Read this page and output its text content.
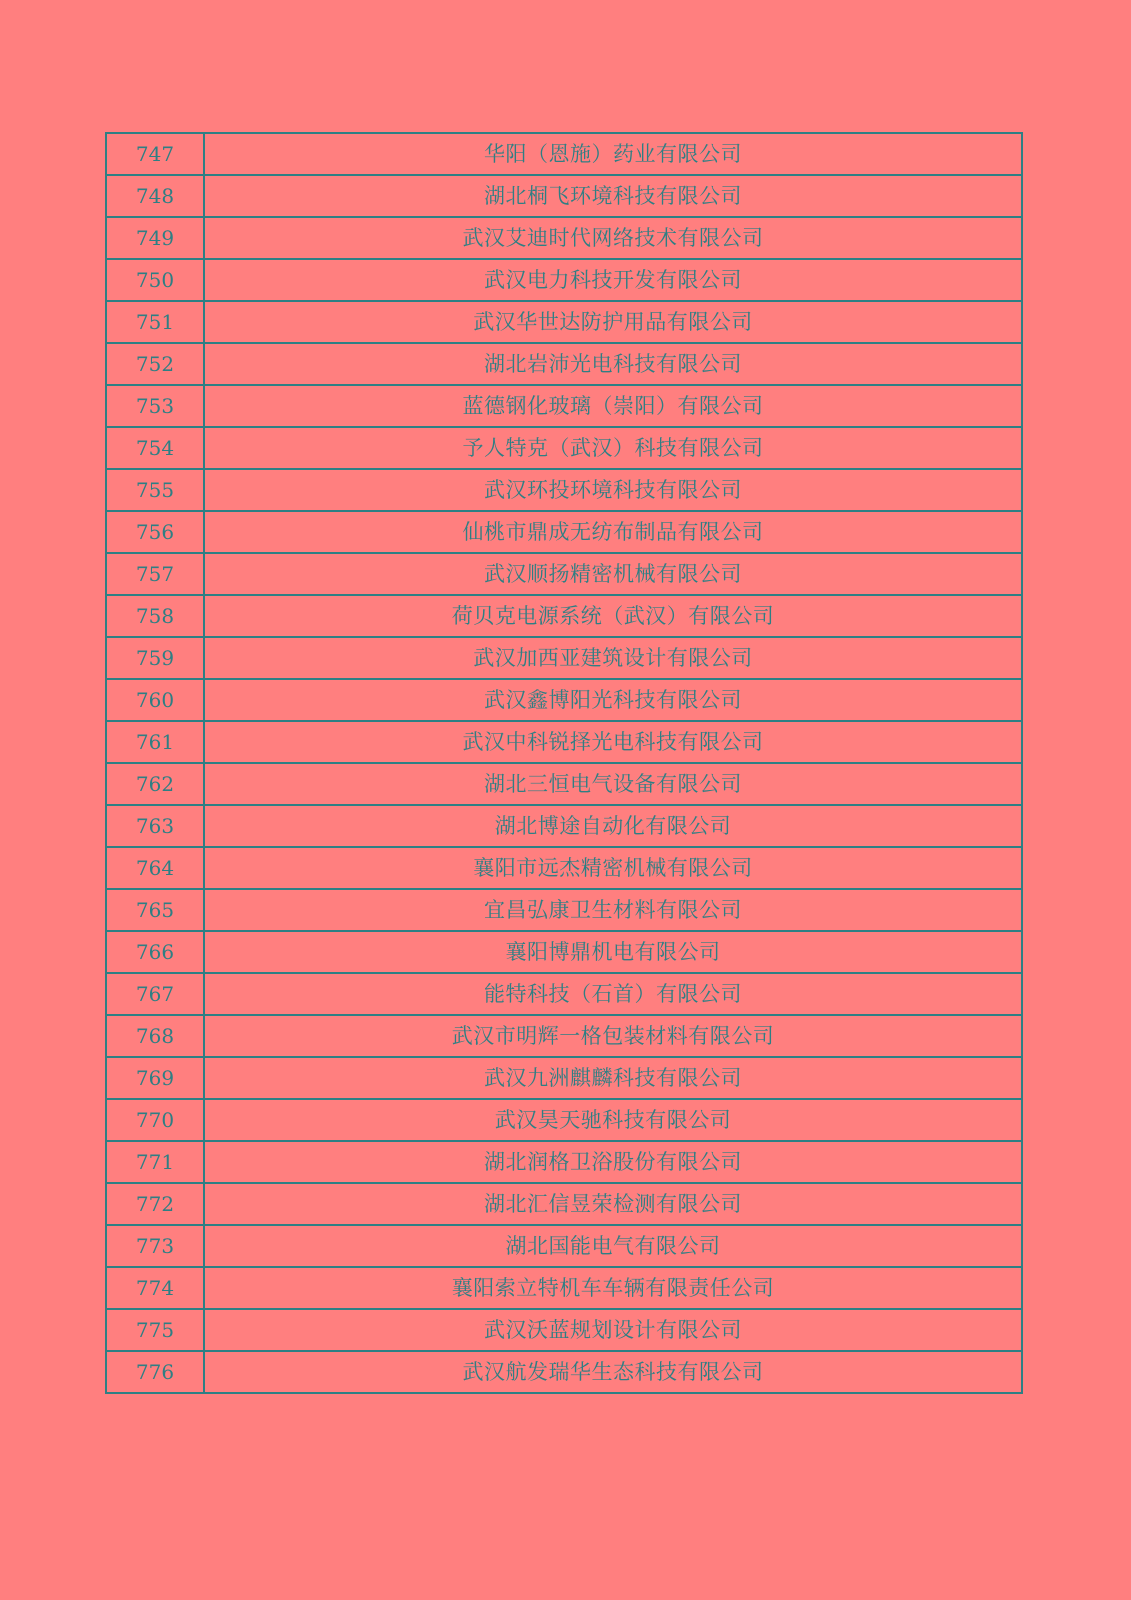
747	华阳（恩施）药业有限公司
748	湖北桐飞环境科技有限公司
749	武汉艾迪时代网络技术有限公司
750	武汉电力科技开发有限公司
751	武汉华世达防护用品有限公司
752	湖北岩沛光电科技有限公司
753	蓝德钢化玻璃（崇阳）有限公司
754	予人特克（武汉）科技有限公司
755	武汉环投环境科技有限公司
756	仙桃市鼎成无纺布制品有限公司
757	武汉顺扬精密机械有限公司
758	荷贝克电源系统（武汉）有限公司
759	武汉加西亚建筑设计有限公司
760	武汉鑫博阳光科技有限公司
761	武汉中科锐择光电科技有限公司
762	湖北三恒电气设备有限公司
763	湖北博途自动化有限公司
764	襄阳市远杰精密机械有限公司
765	宜昌弘康卫生材料有限公司
766	襄阳博鼎机电有限公司
767	能特科技（石首）有限公司
768	武汉市明辉一格包装材料有限公司
769	武汉九洲麒麟科技有限公司
770	武汉昊天驰科技有限公司
771	湖北润格卫浴股份有限公司
772	湖北汇信昱荣检测有限公司
773	湖北国能电气有限公司
774	襄阳索立特机车车辆有限责任公司
775	武汉沃蓝规划设计有限公司
776	武汉航发瑞华生态科技有限公司
